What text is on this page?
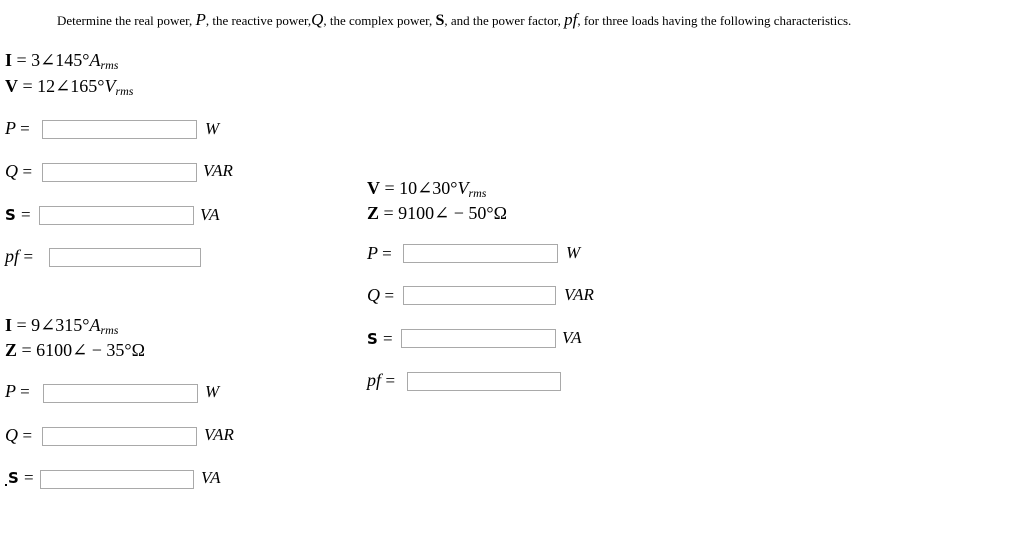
Determine the real power, P, the reactive power,Q, the complex power, S, and the power factor, pf, for three loads having the following characteristics.
$I = 3\angle 145^\circ A_{rms}$
$V = 12\angle 165^\circ V_{rms}$
P =	W
Q =	VAR
S =	VA
pf =
$I = 9\angle 315^\circ A_{rms}$
Z = 6100∠ − 35°Ω
P =	W
Q =	VAR
S =	VA
$V = 10\angle 30^\circ V_{rms}$
Z = 9100∠ − 50°Ω
P =	W
Q =	VAR
S =	VA
pf =
